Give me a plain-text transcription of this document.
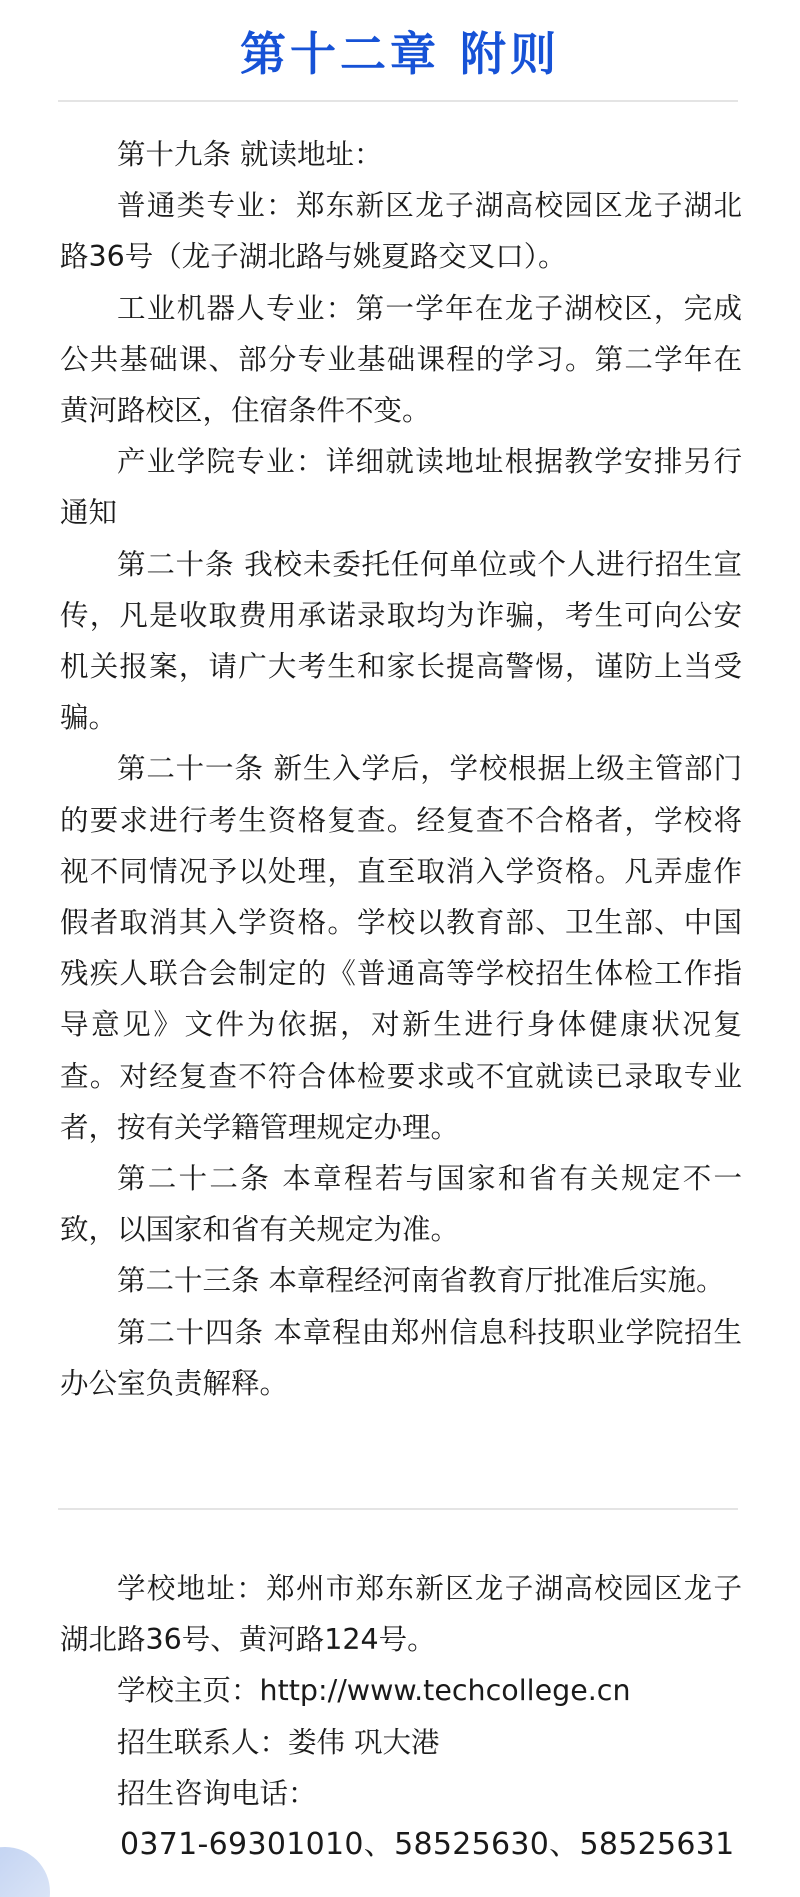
第十二章 附则

第十九条 就读地址：

普通类专业：郑东新区龙子湖高校园区龙子湖北路36号（龙子湖北路与姚夏路交叉口）。

工业机器人专业：第一学年在龙子湖校区，完成公共基础课、部分专业基础课程的学习。第二学年在黄河路校区，住宿条件不变。

产业学院专业：详细就读地址根据教学安排另行通知

第二十条 我校未委托任何单位或个人进行招生宣传，凡是收取费用承诺录取均为诈骗，考生可向公安机关报案，请广大考生和家长提高警惕，谨防上当受骗。

第二十一条 新生入学后，学校根据上级主管部门的要求进行考生资格复查。经复查不合格者，学校将视不同情况予以处理，直至取消入学资格。凡弄虚作假者取消其入学资格。学校以教育部、卫生部、中国残疾人联合会制定的《普通高等学校招生体检工作指导意见》文件为依据，对新生进行身体健康状况复查。对经复查不符合体检要求或不宜就读已录取专业者，按有关学籍管理规定办理。

第二十二条 本章程若与国家和省有关规定不一致，以国家和省有关规定为准。

第二十三条 本章程经河南省教育厅批准后实施。

第二十四条 本章程由郑州信息科技职业学院招生办公室负责解释。

学校地址：郑州市郑东新区龙子湖高校园区龙子湖北路36号、黄河路124号。

学校主页：http://www.techcollege.cn

招生联系人：娄伟 巩大港

招生咨询电话：

0371-69301010、58525630、58525631
